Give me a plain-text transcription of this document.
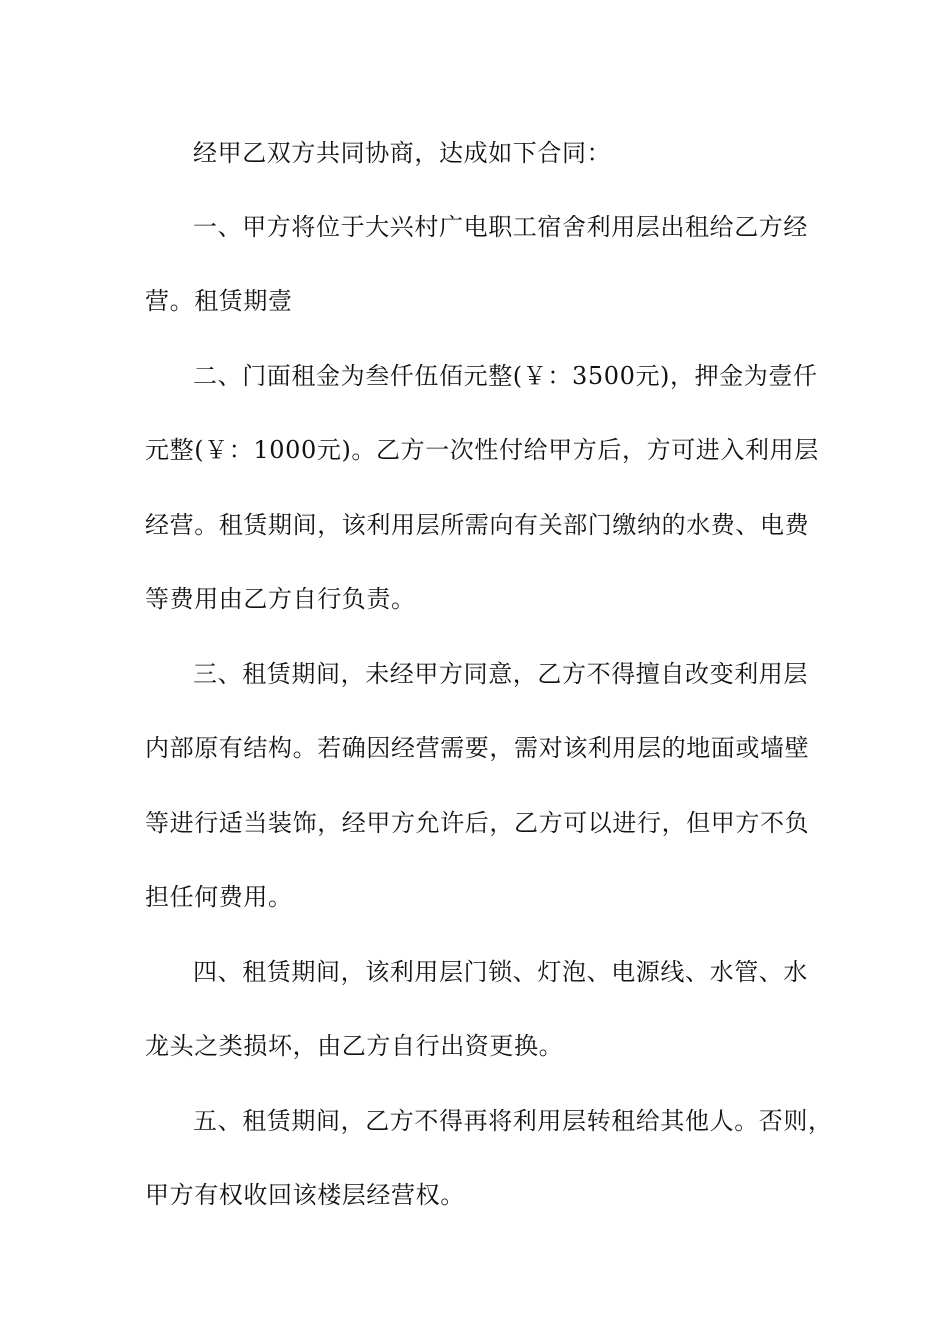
经甲乙双方共同协商，达成如下合同：

一、甲方将位于大兴村广电职工宿舍利用层出租给乙方经

营。租赁期壹

二、门面租金为叁仟伍佰元整(￥：3500元)，押金为壹仟

元整(￥：1000元)。乙方一次性付给甲方后，方可进入利用层

经营。租赁期间，该利用层所需向有关部门缴纳的水费、电费

等费用由乙方自行负责。

三、租赁期间，未经甲方同意，乙方不得擅自改变利用层

内部原有结构。若确因经营需要，需对该利用层的地面或墙壁

等进行适当装饰，经甲方允许后，乙方可以进行，但甲方不负

担任何费用。

四、租赁期间，该利用层门锁、灯泡、电源线、水管、水

龙头之类损坏，由乙方自行出资更换。

五、租赁期间，乙方不得再将利用层转租给其他人。否则，

甲方有权收回该楼层经营权。
